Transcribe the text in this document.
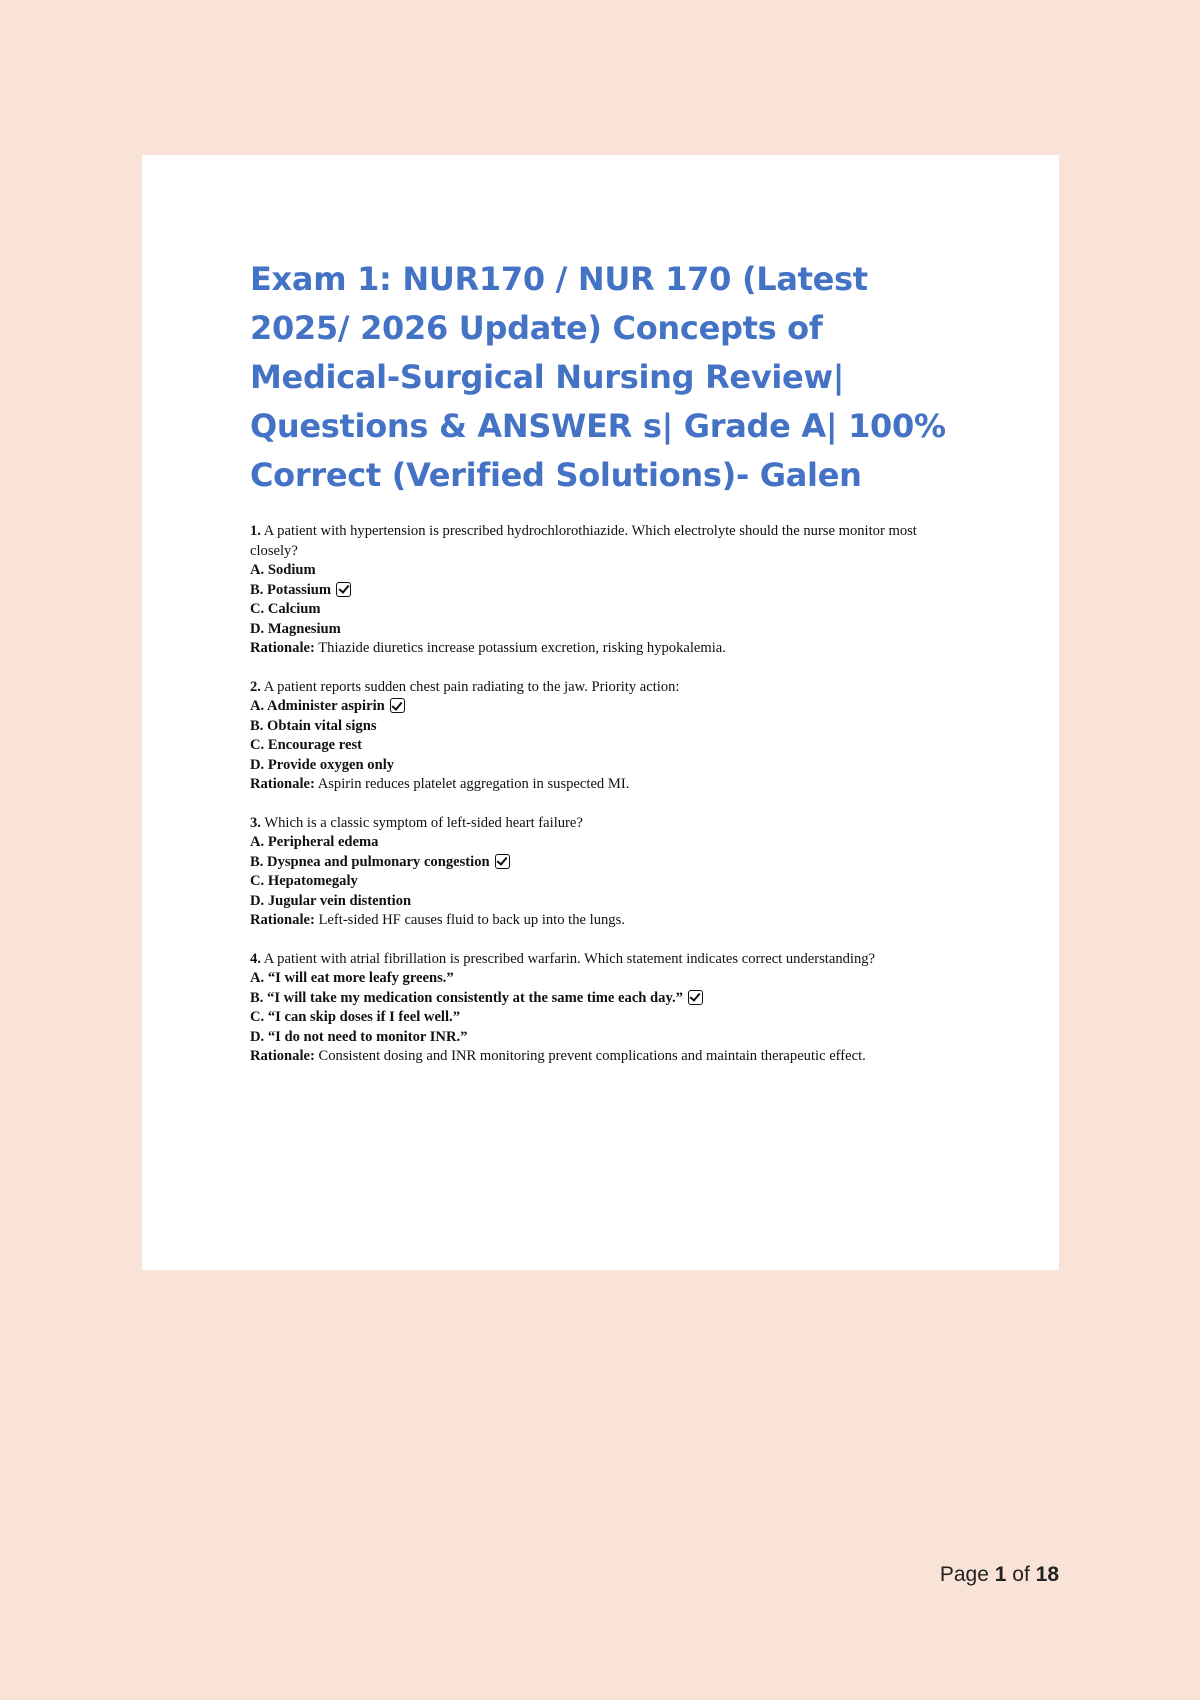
Exam 1: NUR170 / NUR 170 (Latest 2025/ 2026 Update) Concepts of Medical-Surgical Nursing Review| Questions & ANSWER s| Grade A| 100% Correct (Verified Solutions)- Galen
1. A patient with hypertension is prescribed hydrochlorothiazide. Which electrolyte should the nurse monitor most closely?
A. Sodium
B. Potassium
C. Calcium
D. Magnesium
Rationale: Thiazide diuretics increase potassium excretion, risking hypokalemia.
2. A patient reports sudden chest pain radiating to the jaw. Priority action:
A. Administer aspirin
B. Obtain vital signs
C. Encourage rest
D. Provide oxygen only
Rationale: Aspirin reduces platelet aggregation in suspected MI.
3. Which is a classic symptom of left-sided heart failure?
A. Peripheral edema
B. Dyspnea and pulmonary congestion
C. Hepatomegaly
D. Jugular vein distention
Rationale: Left-sided HF causes fluid to back up into the lungs.
4. A patient with atrial fibrillation is prescribed warfarin. Which statement indicates correct understanding?
A. “I will eat more leafy greens.”
B. “I will take my medication consistently at the same time each day.”
C. “I can skip doses if I feel well.”
D. “I do not need to monitor INR.”
Rationale: Consistent dosing and INR monitoring prevent complications and maintain therapeutic effect.
Page 1 of 18
